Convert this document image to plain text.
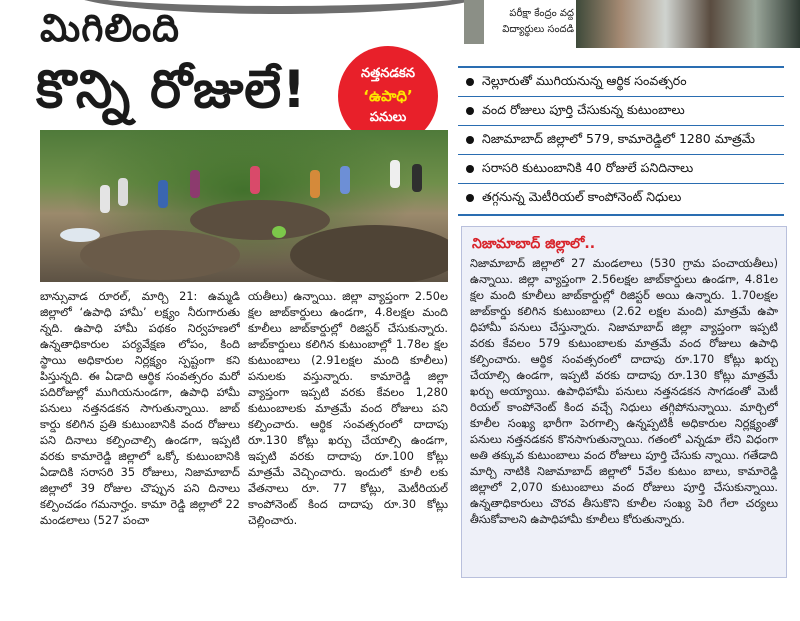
పరీక్షా కేంద్రం వద్ద విద్యార్థులు సందడి
మిగిలింది
కొన్ని రోజులే!	నత్తనడకన
‘ఉపాధి’
పనులు
నెల్లూరుతో ముగియనున్న ఆర్థిక సంవత్సరం
వంద రోజులు పూర్తి చేసుకున్న కుటుంబాలు
నిజామాబాద్ జిల్లాలో 579, కామారెడ్డిలో 1280 మాత్రమే
సరాసరి కుటుంబానికి 40 రోజులే పనిదినాలు
తగ్గనున్న మెటీరియల్ కాంపోనెంట్ నిధులు
బాన్సువాడ రూరల్, మార్చి 21: ఉమ్మడి జిల్లాలో ‘ఉపాధి హామీ’ లక్ష్యం నీరుగారుతు న్నది. ఉపాధి హామీ పథకం నిర్వహణలో ఉన్నతాధికారుల పర్యవేక్షణ లోపం, కింది స్థాయి అధికారుల నిర్లక్ష్యం స్పష్టంగా కని పిస్తున్నది. ఈ ఏడాది ఆర్థిక సంవత్సరం మరో పదిరోజుల్లో ముగియనుండగా, ఉపాధి హామీ పనులు నత్తనడకన సాగుతున్నాయి. జాబ్ కార్డు కలిగిన ప్రతి కుటుంబానికి వంద రోజులు పని దినాలు కల్పించాల్సి ఉండగా, ఇప్పటి వరకు కామారెడ్డి జిల్లాలో ఒక్కో కుటుంబానికి ఏడాదికి సరాసరి 35 రోజులు, నిజామాబాద్ జిల్లాలో 39 రోజుల చొప్పున పని దినాలు కల్పించడం గమనార్హం. కామా రెడ్డి జిల్లాలో 22 మండలాలు (527 పంచా
యతీలు) ఉన్నాయి. జిల్లా వ్యాప్తంగా 2.50ల క్షల జాబ్‌కార్డులు ఉండగా, 4.8లక్షల మంది కూలీలు జాబ్‌కార్డుల్లో రిజిస్టర్ చేసుకున్నారు. జాబ్‌కార్డులు కలిగిన కుటుంబాల్లో 1.78ల క్షల కుటుంబాలు (2.91లక్షల మంది కూలీలు) పనులకు వస్తున్నారు. కామారెడ్డి జిల్లా వ్యాప్తంగా ఇప్పటి వరకు కేవలం 1,280 కుటుంబాలకు మాత్రమే వంద రోజులు పని కల్పించారు. ఆర్థిక సంవత్సరంలో దాదాపు రూ.130 కోట్లు ఖర్చు చేయాల్సి ఉండగా, ఇప్పటి వరకు దాదాపు రూ.100 కోట్లు మాత్రమే వెచ్చించారు. ఇందులో కూలీ లకు వేతనాలు రూ. 77 కోట్లు, మెటీరియల్ కాంపోనెంట్ కింద దాదాపు రూ.30 కోట్లు చెల్లించారు.
నిజామాబాద్ జిల్లాలో..
నిజామాబాద్ జిల్లాలో 27 మండలాలు (530 గ్రామ పంచాయతీలు) ఉన్నాయి. జిల్లా వ్యాప్తంగా 2.56లక్షల జాబ్‌కార్డులు ఉండగా, 4.81ల క్షల మంది కూలీలు జాబ్‌కార్డుల్లో రిజిస్టర్ అయి ఉన్నారు. 1.70లక్షల జాబ్‌కార్డు కలిగిన కుటుంబాలు (2.62 లక్షల మంది) మాత్రమే ఉపా ధిహామీ పనులు చేస్తున్నారు. నిజామాబాద్ జిల్లా వ్యాప్తంగా ఇప్పటి వరకు కేవలం 579 కుటుంబాలకు మాత్రమే వంద రోజులు ఉపాధి కల్పించారు. ఆర్థిక సంవత్సరంలో దాదాపు రూ.170 కోట్లు ఖర్చు చేయాల్సి ఉండగా, ఇప్పటి వరకు దాదాపు రూ.130 కోట్లు మాత్రమే ఖర్చు అయ్యాయి. ఉపాధిహామీ పనులు నత్తనడకన సాగడంతో మెటీ రియల్ కాంపోనెంట్ కింద వచ్చే నిధులు తగ్గిపోనున్నాయి. మార్చిలో కూలీల సంఖ్య భారీగా పెరగాల్సి ఉన్నప్పటికీ అధికారుల నిర్లక్ష్యంతో పనులు నత్తనడకన కొనసాగుతున్నాయి. గతంలో ఎన్నడూ లేని విధంగా అతి తక్కువ కుటుంబాలు వంద రోజులు పూర్తి చేసుకు న్నాయి. గతేడాది మార్చి నాటికి నిజామాబాద్ జిల్లాలో 5వేల కుటుం బాలు, కామారెడ్డి జిల్లాలో 2,070 కుటుంబాలు వంద రోజులు పూర్తి చేసుకున్నాయి. ఉన్నతాధికారులు చొరవ తీసుకొని కూలీల సంఖ్య పెరి గేలా చర్యలు తీసుకోవాలని ఉపాధిహామీ కూలీలు కోరుతున్నారు.
